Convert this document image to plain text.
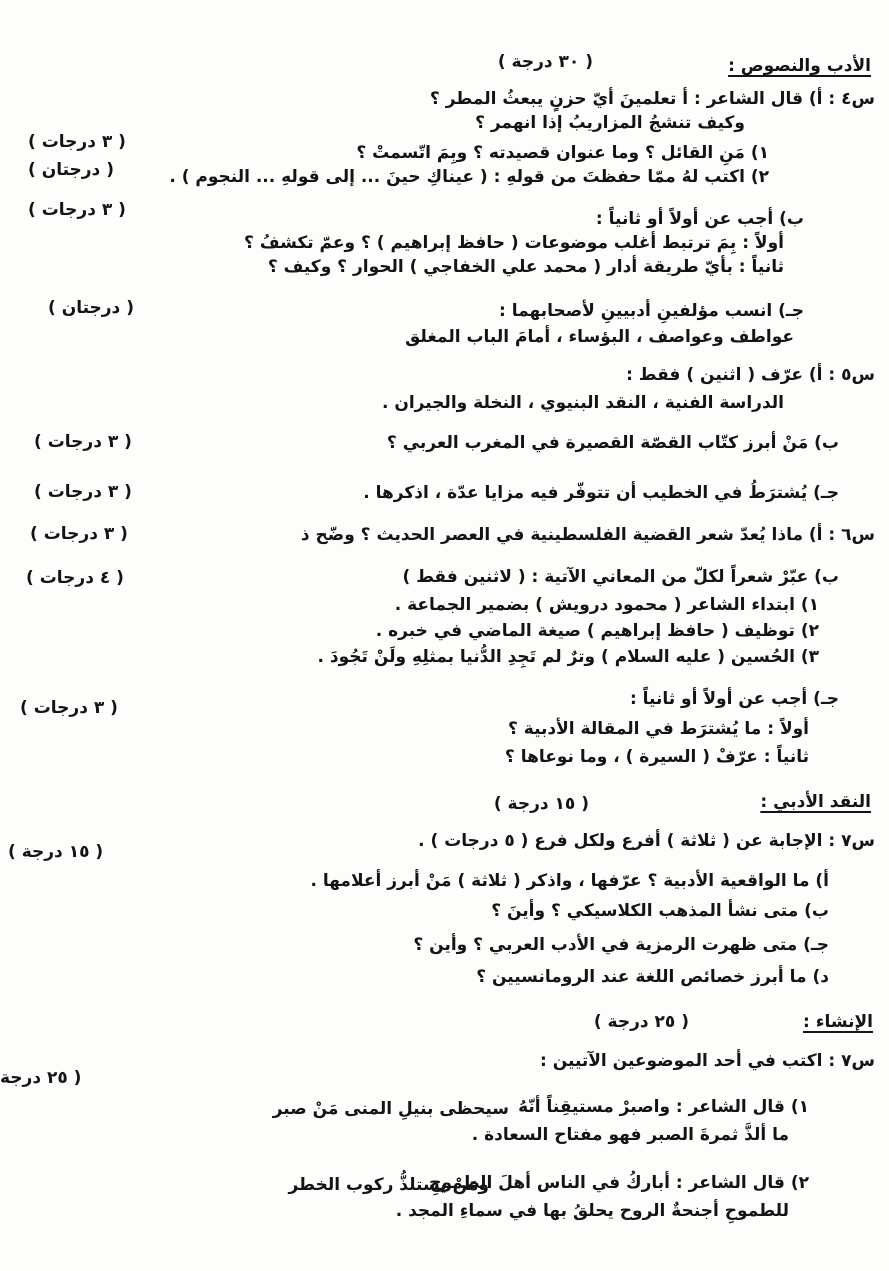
الأدب والنصوص :
( ٣٠ درجة )
س٤ : أ) قال الشاعر : أ تعلمينَ أيّ حزنٍ يبعثُ المطر ؟
وكيف تنشجُ المزاريبُ إذا انهمر ؟
١) مَنِ القائل ؟ وما عنوان قصيدته ؟ وبِمَ اتّسمتْ ؟
( ٣ درجات )
٢) اكتب لهُ ممّا حفظتَ من قولهِ : ( عيناكِ حينَ ... إلى قولهِ ... النجوم ) .
( درجتان )
( ٣ درجات )	ب) أجب عن أولاً أو ثانياً :
أولاً : بِمَ ترتبط أغلب موضوعات ( حافظ إبراهيم ) ؟ وعمّ تكشفُ ؟
ثانياً : بأيّ طريقة أدار ( محمد علي الخفاجي ) الحوار ؟ وكيف ؟
( درجتان )	جـ) انسب مؤلفينِ أدبيينِ لأصحابهما :
عواطف وعواصف ، البؤساء ، أمامَ الباب المغلق
س٥ : أ) عرّف ( اثنين ) فقط :
الدراسة الفنية ، النقد البنيوي ، النخلة والجيران .
ب) مَنْ أبرز كتّاب القصّة القصيرة في المغرب العربي ؟
( ٣ درجات )
جـ) يُشترَطُ في الخطيب أن تتوفّر فيه مزايا عدّة ، اذكرها .
( ٣ درجات )
س٦ : أ) ماذا يُعدّ شعر القضية الفلسطينية في العصر الحديث ؟ وضّح ذ
( ٣ درجات )
ب) عبّرْ شعراً لكلّ من المعاني الآتية : ( لاثنين فقط )
( ٤ درجات )
١) ابتداء الشاعر ( محمود درويش ) بضمير الجماعة .
٢) توظيف ( حافظ إبراهيم ) صيغة الماضي في خبره .
٣) الحُسين ( عليه السلام ) وترٌ لم تَجِدِ الدُّنيا بمثلِهِ ولَنْ تَجُودَ .
( ٣ درجات )	جـ) أجب عن أولاً أو ثانياً :
أولاً : ما يُشترَط في المقالة الأدبية ؟
ثانياً : عرّفْ ( السيرة ) ، وما نوعاها ؟
النقد الأدبي :
( ١٥ درجة )
( ١٥ درجة )
س٧ : الإجابة عن ( ثلاثة ) أفرع ولكل فرع ( ٥ درجات ) .
أ) ما الواقعية الأدبية ؟ عرّفها ، واذكر ( ثلاثة ) مَنْ أبرز أعلامها .
ب) متى نشأ المذهب الكلاسيكي ؟ وأينَ ؟
جـ) متى ظهرت الرمزية في الأدب العربي ؟ وأين ؟
د) ما أبرز خصائص اللغة عند الرومانسيين ؟
الإنشاء :
( ٢٥ درجة )
( ٢٥ درجة
س٧ : اكتب في أحد الموضوعين الآتيين :
١) قال الشاعر : واصبرْ مستيقِناً أنّهُ
سيحظى بنيلِ المنى مَنْ صبر
ما ألذَّ ثمرةَ الصبر فهو مفتاح السعادة .
٢) قال الشاعر : أباركُ في الناس أهلَ الطموحِ
ومَنْ يستلذُّ ركوب الخطر
للطموحِ أجنحةٌ الروح يحلقُ بها في سماءِ المجد .
